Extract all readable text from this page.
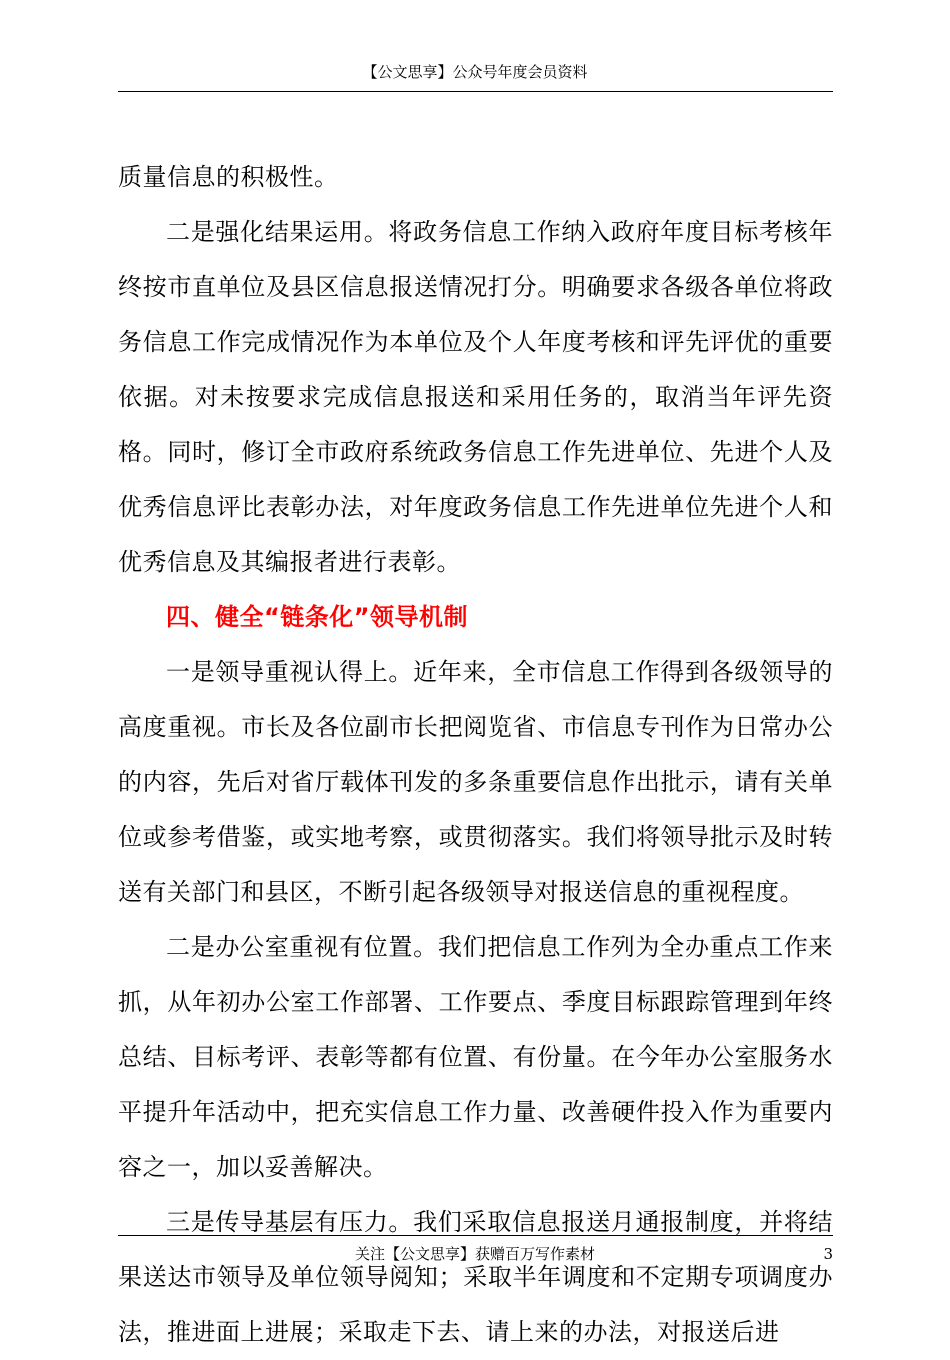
【公文思享】公众号年度会员资料

质量信息的积极性。

二是强化结果运用。将政务信息工作纳入政府年度目标考核年终按市直单位及县区信息报送情况打分。明确要求各级各单位将政务信息工作完成情况作为本单位及个人年度考核和评先评优的重要依据。对未按要求完成信息报送和采用任务的，取消当年评先资格。同时，修订全市政府系统政务信息工作先进单位、先进个人及优秀信息评比表彰办法，对年度政务信息工作先进单位先进个人和优秀信息及其编报者进行表彰。

四、健全“链条化”领导机制

一是领导重视认得上。近年来，全市信息工作得到各级领导的高度重视。市长及各位副市长把阅览省、市信息专刊作为日常办公的内容，先后对省厅载体刊发的多条重要信息作出批示，请有关单位或参考借鉴，或实地考察，或贯彻落实。我们将领导批示及时转送有关部门和县区，不断引起各级领导对报送信息的重视程度。

二是办公室重视有位置。我们把信息工作列为全办重点工作来抓，从年初办公室工作部署、工作要点、季度目标跟踪管理到年终总结、目标考评、表彰等都有位置、有份量。在今年办公室服务水平提升年活动中，把充实信息工作力量、改善硬件投入作为重要内容之一，加以妥善解决。

三是传导基层有压力。我们采取信息报送月通报制度，并将结果送达市领导及单位领导阅知；采取半年调度和不定期专项调度办法，推进面上进展；采取走下去、请上来的办法，对报送后进

关注【公文思享】获赠百万写作素材	3
